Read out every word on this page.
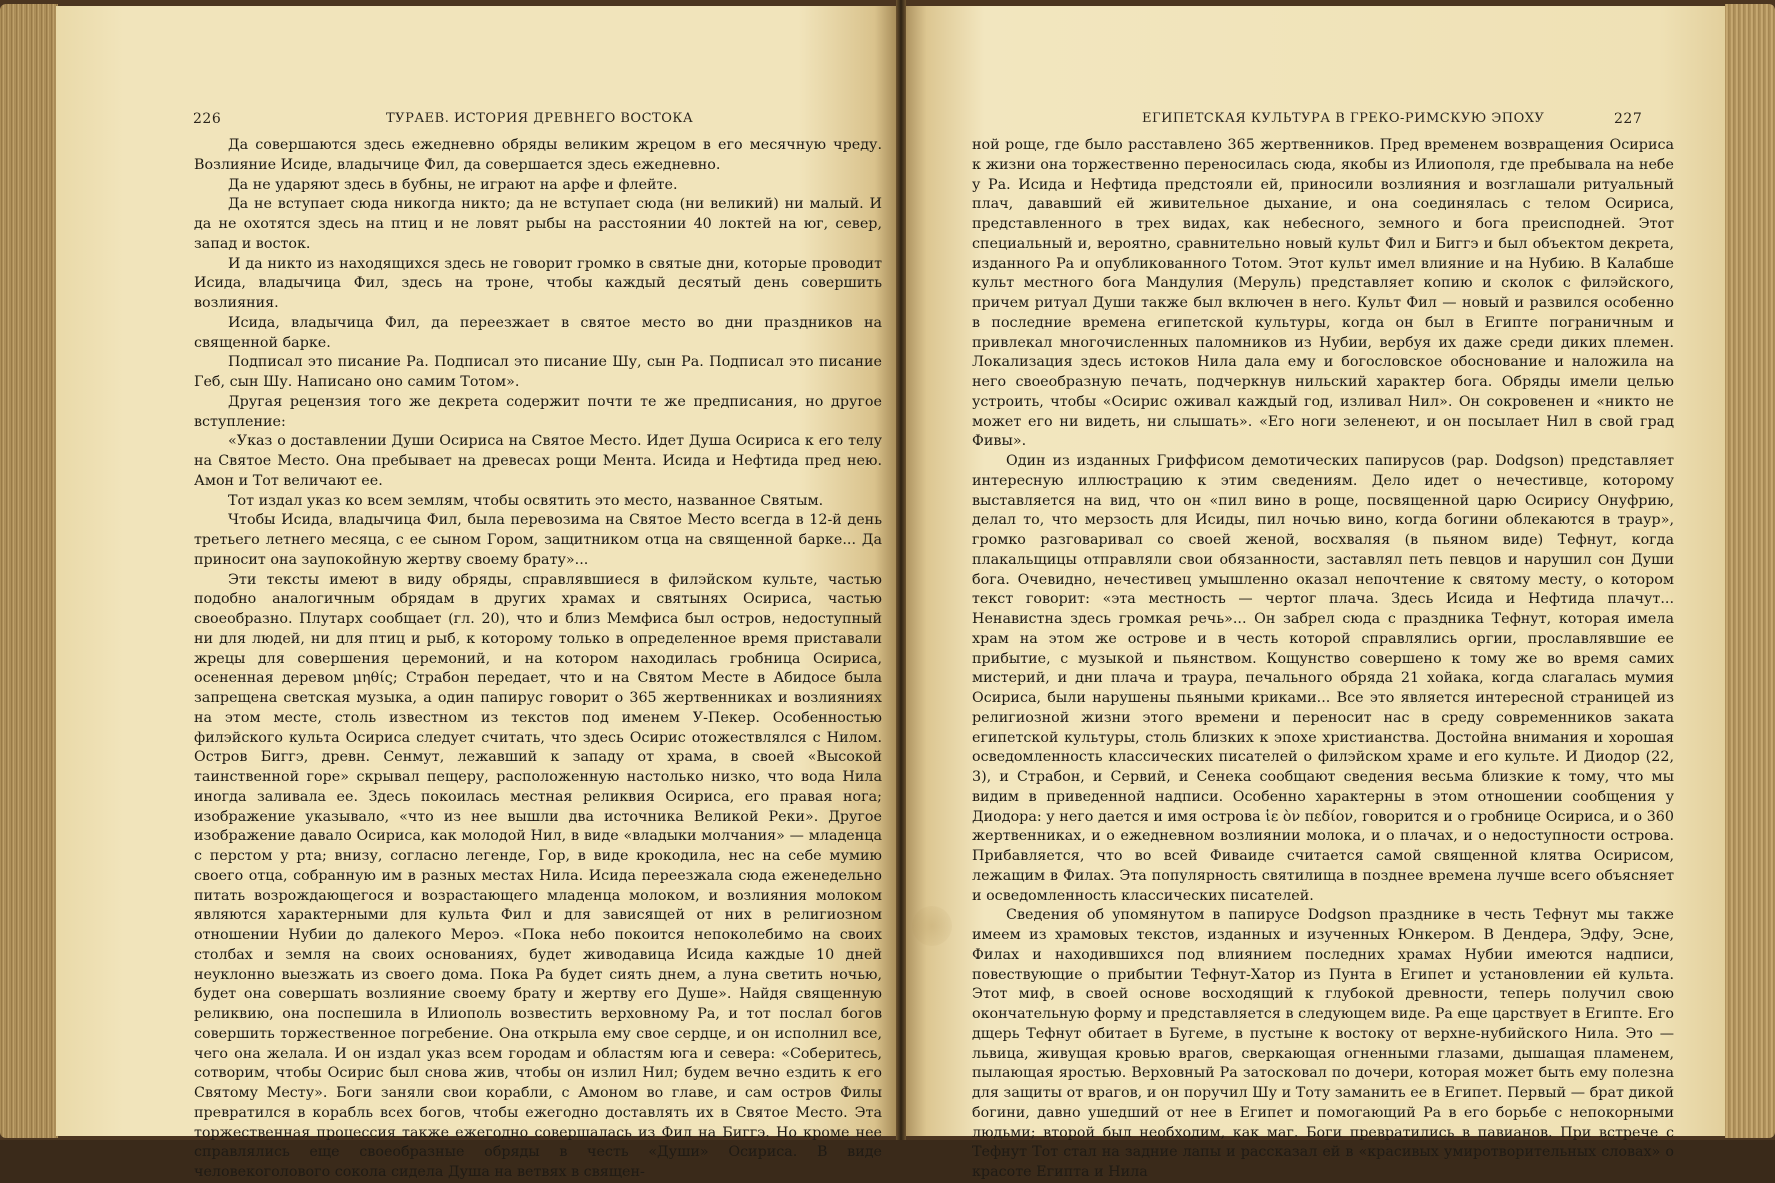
226	ТУРАЕВ. ИСТОРИЯ ДРЕВНЕГО ВОСТОКА

Да совершаются здесь ежедневно обряды великим жрецом в его месячную чреду. Возлияние Исиде, владычице Фил, да совершается здесь ежедневно.

Да не ударяют здесь в бубны, не играют на арфе и флейте.

Да не вступает сюда никогда никто; да не вступает сюда (ни великий) ни малый. И да не охотятся здесь на птиц и не ловят рыбы на расстоянии 40 локтей на юг, север, запад и восток.

И да никто из находящихся здесь не говорит громко в святые дни, которые проводит Исида, владычица Фил, здесь на троне, чтобы каждый десятый день совершить возлияния.

Исида, владычица Фил, да переезжает в святое место во дни праздников на священной барке.

Подписал это писание Ра. Подписал это писание Шу, сын Ра. Подписал это писание Геб, сын Шу. Написано оно самим Тотом».

Другая рецензия того же декрета содержит почти те же предписания, но другое вступление:

«Указ о доставлении Души Осириса на Святое Место. Идет Душа Осириса к его телу на Святое Место. Она пребывает на древесах рощи Мента. Исида и Нефтида пред нею. Амон и Тот величают ее.

Тот издал указ ко всем землям, чтобы освятить это место, названное Святым.

Чтобы Исида, владычица Фил, была перевозима на Святое Место всегда в 12-й день третьего летнего месяца, с ее сыном Гором, защитником отца на священной барке... Да приносит она заупокойную жертву своему брату»...

Эти тексты имеют в виду обряды, справлявшиеся в филэйском культе, частью подобно аналогичным обрядам в других храмах и святынях Осириса, частью своеобразно. Плутарх сообщает (гл. 20), что и близ Мемфиса был остров, недоступный ни для людей, ни для птиц и рыб, к которому только в определенное время приставали жрецы для совершения церемоний, и на котором находилась гробница Осириса, осененная деревом μηθίς; Страбон передает, что и на Святом Месте в Абидосе была запрещена светская музыка, а один папирус говорит о 365 жертвенниках и возлияниях на этом месте, столь известном из текстов под именем У-Пекер. Особенностью филэйского культа Осириса следует считать, что здесь Осирис отожествлялся с Нилом. Остров Биггэ, древн. Сенмут, лежавший к западу от храма, в своей «Высокой таинственной горе» скрывал пещеру, расположенную настолько низко, что вода Нила иногда заливала ее. Здесь покоилась местная реликвия Осириса, его правая нога; изображение указывало, «что из нее вышли два источника Великой Реки». Другое изображение давало Осириса, как молодой Нил, в виде «владыки молчания» — младенца с перстом у рта; внизу, согласно легенде, Гор, в виде крокодила, нес на себе мумию своего отца, собранную им в разных местах Нила. Исида переезжала сюда еженедельно питать возрождающегося и возрастающего младенца молоком, и возлияния молоком являются характерными для культа Фил и для зависящей от них в религиозном отношении Нубии до далекого Мероэ. «Пока небо покоится непоколебимо на своих столбах и земля на своих основаниях, будет живодавица Исида каждые 10 дней неуклонно выезжать из своего дома. Пока Ра будет сиять днем, а луна светить ночью, будет она совершать возлияние своему брату и жертву его Душе». Найдя священную реликвию, она поспешила в Илиополь возвестить верховному Ра, и тот послал богов совершить торжественное погребение. Она открыла ему свое сердце, и он исполнил все, чего она желала. И он издал указ всем городам и областям юга и севера: «Соберитесь, сотворим, чтобы Осирис был снова жив, чтобы он излил Нил; будем вечно ездить к его Святому Месту». Боги заняли свои корабли, с Амоном во главе, и сам остров Филы превратился в корабль всех богов, чтобы ежегодно доставлять их в Святое Место. Эта торжественная процессия также ежегодно совершалась из Фил на Биггэ. Но кроме нее справлялись еще своеобразные обряды в честь «Души» Осириса. В виде человекоголового сокола сидела Душа на ветвях в священ-

ЕГИПЕТСКАЯ КУЛЬТУРА В ГРЕКО-РИМСКУЮ ЭПОХУ	227

ной роще, где было расставлено 365 жертвенников. Пред временем возвращения Осириса к жизни она торжественно переносилась сюда, якобы из Илиополя, где пребывала на небе у Ра. Исида и Нефтида предстояли ей, приносили возлияния и возглашали ритуальный плач, дававший ей живительное дыхание, и она соединялась с телом Осириса, представленного в трех видах, как небесного, земного и бога преисподней. Этот специальный и, вероятно, сравнительно новый культ Фил и Биггэ и был объектом декрета, изданного Ра и опубликованного Тотом. Этот культ имел влияние и на Нубию. В Калабше культ местного бога Мандулия (Меруль) представляет копию и сколок с филэйского, причем ритуал Души также был включен в него. Культ Фил — новый и развился особенно в последние времена египетской культуры, когда он был в Египте пограничным и привлекал многочисленных паломников из Нубии, вербуя их даже среди диких племен. Локализация здесь истоков Нила дала ему и богословское обоснование и наложила на него своеобразную печать, подчеркнув нильский характер бога. Обряды имели целью устроить, чтобы «Осирис оживал каждый год, изливал Нил». Он сокровенен и «никто не может его ни видеть, ни слышать». «Его ноги зеленеют, и он посылает Нил в свой град Фивы».

Один из изданных Гриффисом демотических папирусов (pap. Dodgson) представляет интересную иллюстрацию к этим сведениям. Дело идет о нечестивце, которому выставляется на вид, что он «пил вино в роще, посвященной царю Осирису Онуфрию, делал то, что мерзость для Исиды, пил ночью вино, когда богини облекаются в траур», громко разговаривал со своей женой, восхваляя (в пьяном виде) Тефнут, когда плакальщицы отправляли свои обязанности, заставлял петь певцов и нарушил сон Души бога. Очевидно, нечестивец умышленно оказал непочтение к святому месту, о котором текст говорит: «эта местность — чертог плача. Здесь Исида и Нефтида плачут... Ненавистна здесь громкая речь»... Он забрел сюда с праздника Тефнут, которая имела храм на этом же острове и в честь которой справлялись оргии, прославлявшие ее прибытие, с музыкой и пьянством. Кощунство совершено к тому же во время самих мистерий, и дни плача и траура, печального обряда 21 хойака, когда слагалась мумия Осириса, были нарушены пьяными криками... Все это является интересной страницей из религиозной жизни этого времени и переносит нас в среду современников заката египетской культуры, столь близких к эпохе христианства. Достойна внимания и хорошая осведомленность классических писателей о филэйском храме и его культе. И Диодор (22, 3), и Страбон, и Сервий, и Сенека сообщают сведения весьма близкие к тому, что мы видим в приведенной надписи. Особенно характерны в этом отношении сообщения у Диодора: у него дается и имя острова ἱε ὸν πεδίον, говорится и о гробнице Осириса, и о 360 жертвенниках, и о ежедневном возлиянии молока, и о плачах, и о недоступности острова. Прибавляется, что во всей Фиваиде считается самой священной клятва Осирисом, лежащим в Филах. Эта популярность святилища в позднее времена лучше всего объясняет и осведомленность классических писателей.

Сведения об упомянутом в папирусе Dodgson празднике в честь Тефнут мы также имеем из храмовых текстов, изданных и изученных Юнкером. В Дендера, Эдфу, Эсне, Филах и находившихся под влиянием последних храмах Нубии имеются надписи, повествующие о прибытии Тефнут-Хатор из Пунта в Египет и установлении ей культа. Этот миф, в своей основе восходящий к глубокой древности, теперь получил свою окончательную форму и представляется в следующем виде. Ра еще царствует в Египте. Его дщерь Тефнут обитает в Бугеме, в пустыне к востоку от верхне-нубийского Нила. Это — львица, живущая кровью врагов, сверкающая огненными глазами, дышащая пламенем, пылающая яростью. Верховный Ра затосковал по дочери, которая может быть ему полезна для защиты от врагов, и он поручил Шу и Тоту заманить ее в Египет. Первый — брат дикой богини, давно ушедший от нее в Египет и помогающий Ра в его борьбе с непокорными людьми; второй был необходим, как маг. Боги превратились в павианов. При встрече с Тефнут Тот стал на задние лапы и рассказал ей в «красивых умиротворительных словах» о красоте Египта и Нила
